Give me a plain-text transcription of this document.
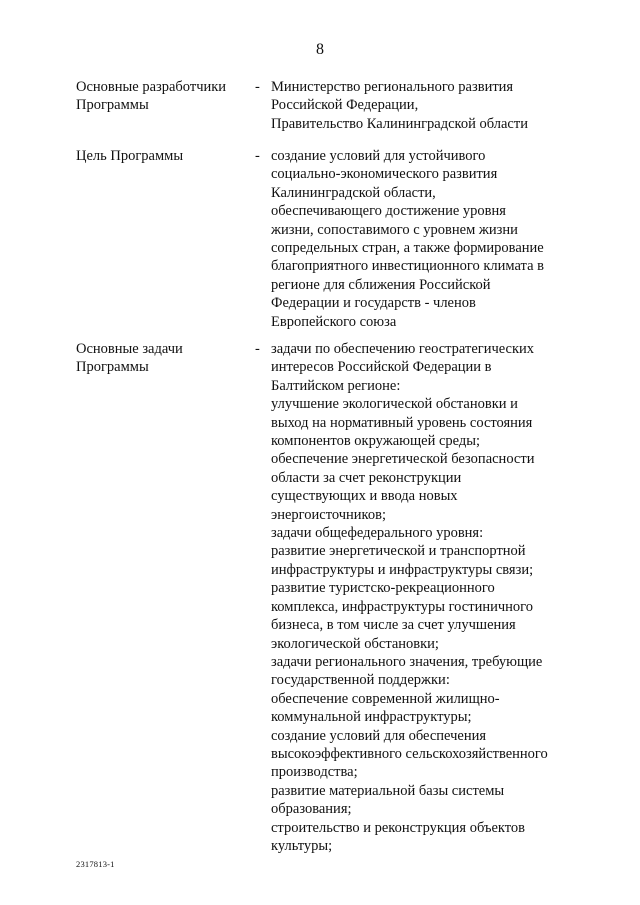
8
Основные разработчики
Программы
- Министерство регионального развития
Российской Федерации,
Правительство Калининградской области
Цель Программы	- создание условий для устойчивого
социально-экономического развития
Калининградской области,
обеспечивающего достижение уровня
жизни, сопоставимого с уровнем жизни
сопредельных стран, а также формирование
благоприятного инвестиционного климата в
регионе для сближения Российской
Федерации и государств - членов
Европейского союза
Основные задачи
Программы
- задачи по обеспечению геостратегических
интересов Российской Федерации в
Балтийском регионе:
улучшение экологической обстановки и
выход на нормативный уровень состояния
компонентов окружающей среды;
обеспечение энергетической безопасности
области за счет реконструкции
существующих и ввода новых
энергоисточников;
задачи общефедерального уровня:
развитие энергетической и транспортной
инфраструктуры и инфраструктуры связи;
развитие туристско-рекреационного
комплекса, инфраструктуры гостиничного
бизнеса, в том числе за счет улучшения
экологической обстановки;
задачи регионального значения, требующие
государственной поддержки:
обеспечение современной жилищно-
коммунальной инфраструктуры;
создание условий для обеспечения
высокоэффективного сельскохозяйственного
производства;
развитие материальной базы системы
образования;
строительство и реконструкция объектов
культуры;
2317813-1
